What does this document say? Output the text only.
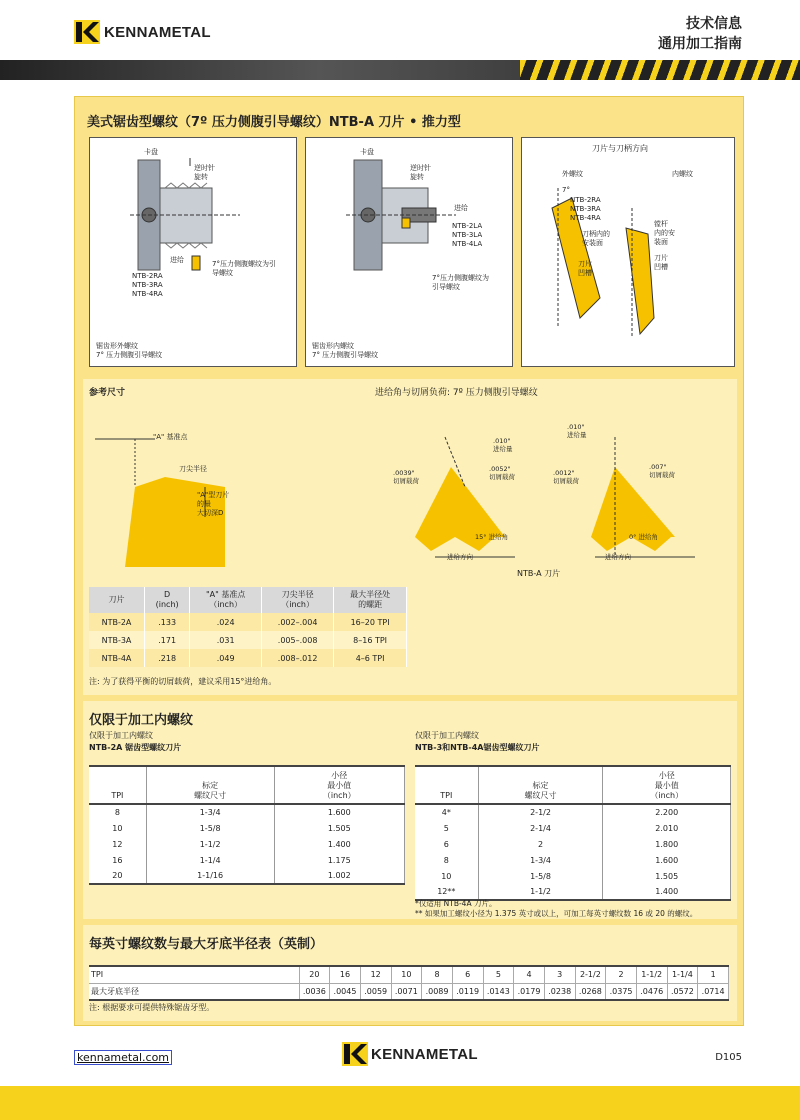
KENNAMETAL	技术信息
通用加工指南
美式锯齿型螺纹（7º 压力侧腹引导螺纹）NTB-A 刀片 • 推力型
卡盘
逆时针
旋转
进给
NTB-2RA
NTB-3RA
NTB-4RA
7°压力侧腹螺纹为引
导螺纹
锯齿形外螺纹
7° 压力侧腹引导螺纹
卡盘
逆时针
旋转
进给
NTB-2LA
NTB-3LA
NTB-4LA
7°压力侧腹螺纹为
引导螺纹
锯齿形内螺纹
7° 压力侧腹引导螺纹
刀片与刀柄方向
外螺纹	内螺纹
7°
NTB-2RA
NTB-3RA
NTB-4RA
刀柄内的
安装面
刀片
凹槽
镗杆
内的安
装面
刀片
凹槽
参考尺寸
"A" 基准点
刀尖半径
"A"型刀片
的最
大切深D
进给角与切屑负荷: 7º 压力侧腹引导螺纹
.010"
进给量
.0039"
切屑载荷
.0052"
切屑载荷
15° 进给角
进给方向
.010"
进给量
.0012"
切屑载荷
.007"
切屑载荷
0° 进给角
进给方向
NTB-A 刀片
刀片	D
(inch)	"A" 基准点
（inch）	刀尖半径
（inch）	最大半径处
的螺距
NTB-2A	.133	.024	.002–.004	16–20 TPI
NTB-3A	.171	.031	.005–.008	8–16 TPI
NTB-4A	.218	.049	.008–.012	4–6 TPI
注: 为了获得平衡的切屑载荷，建议采用15°进给角。
仅限于加工内螺纹
仅限于加工内螺纹
NTB-2A 锯齿型螺纹刀片
仅限于加工内螺纹
NTB-3和NTB-4A锯齿型螺纹刀片
TPI	标定
螺纹尺寸	小径
最小值
（inch）
8	1-3/4	1.600
10	1-5/8	1.505
12	1-1/2	1.400
16	1-1/4	1.175
20	1-1/16	1.002
TPI	标定
螺纹尺寸	小径
最小值
（inch）
4*	2-1/2	2.200
5	2-1/4	2.010
6	2	1.800
8	1-3/4	1.600
10	1-5/8	1.505
12**	1-1/2	1.400
*仅适用 NTB-4A 刀片。
** 如果加工螺纹小径为 1.375 英寸或以上，可加工每英寸螺纹数 16 或 20 的螺纹。
每英寸螺纹数与最大牙底半径表（英制）
TPI	20	16	12	10	8	6	5	4	3	2-1/2	2	1-1/2	1-1/4	1
最大牙底半径	.0036	.0045	.0059	.0071	.0089	.0119	.0143	.0179	.0238	.0268	.0375	.0476	.0572	.0714
注: 根据要求可提供特殊锯齿牙型。
kennametal.com	KENNAMETAL	D105
